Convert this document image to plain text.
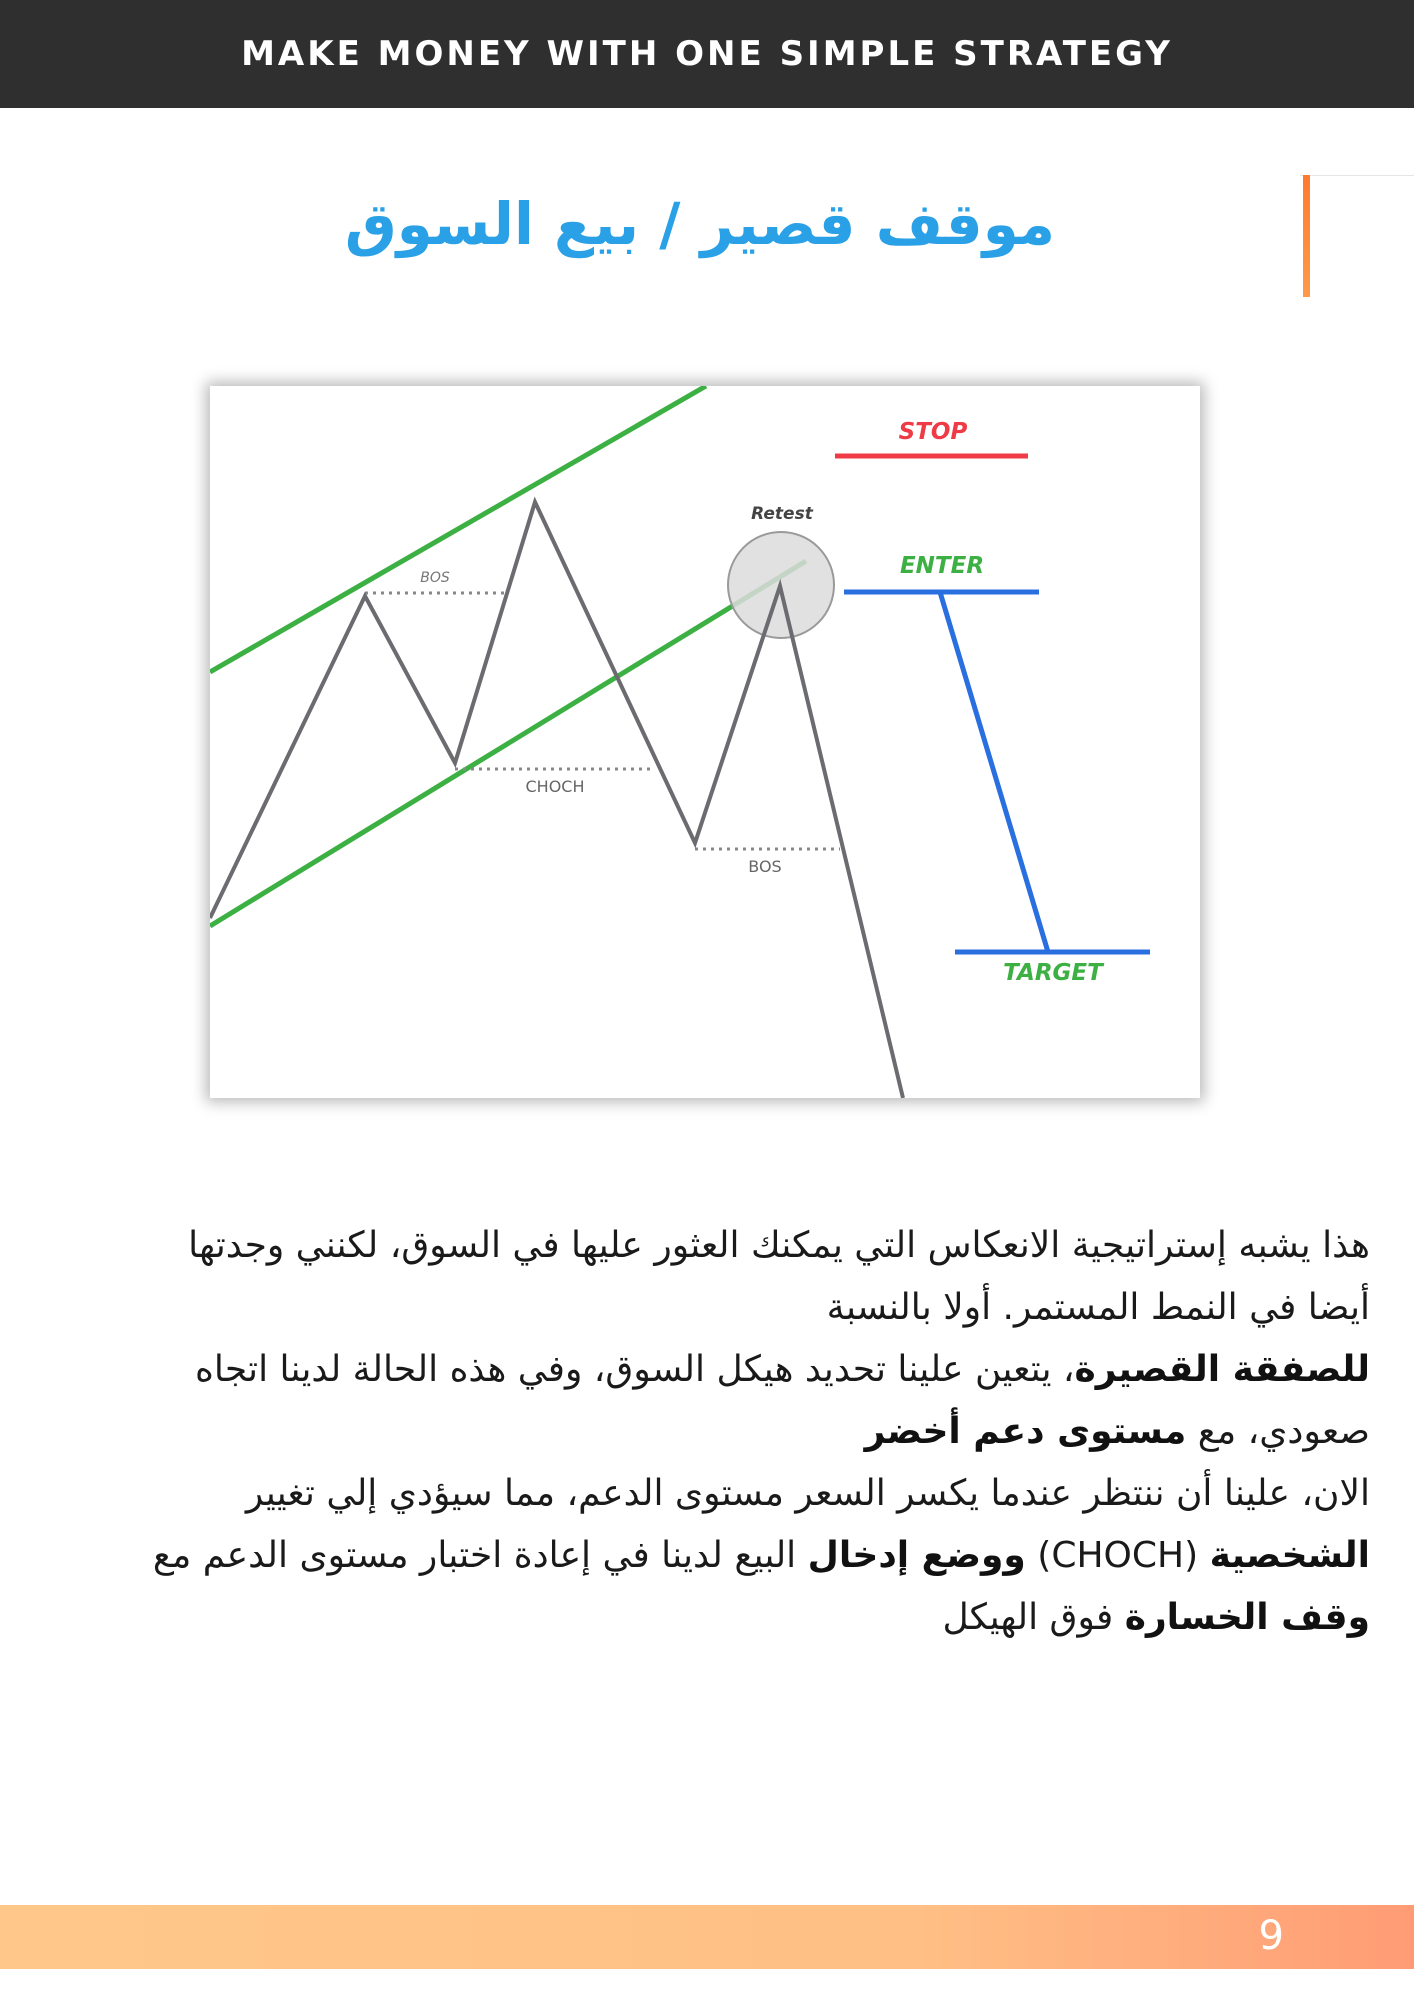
MAKE MONEY WITH ONE SIMPLE STRATEGY
موقف قصير / بيع السوق
STOP
ENTER
TARGET
Retest
BOS
CHOCH
BOS

هذا يشبه إستراتيجية الانعكاس التي يمكنك العثور عليها في السوق، لكنني وجدتها أيضا في النمط المستمر. أولا بالنسبة

للصفقة القصيرة، يتعين علينا تحديد هيكل السوق، وفي هذه الحالة لدينا اتجاه صعودي، مع مستوى دعم أخضر

الان، علينا أن ننتظر عندما يكسر السعر مستوى الدعم، مما سيؤدي إلي تغيير الشخصية (CHOCH) ووضع إدخال البيع لدينا في إعادة اختبار مستوى الدعم مع وقف الخسارة فوق الهيكل

9
